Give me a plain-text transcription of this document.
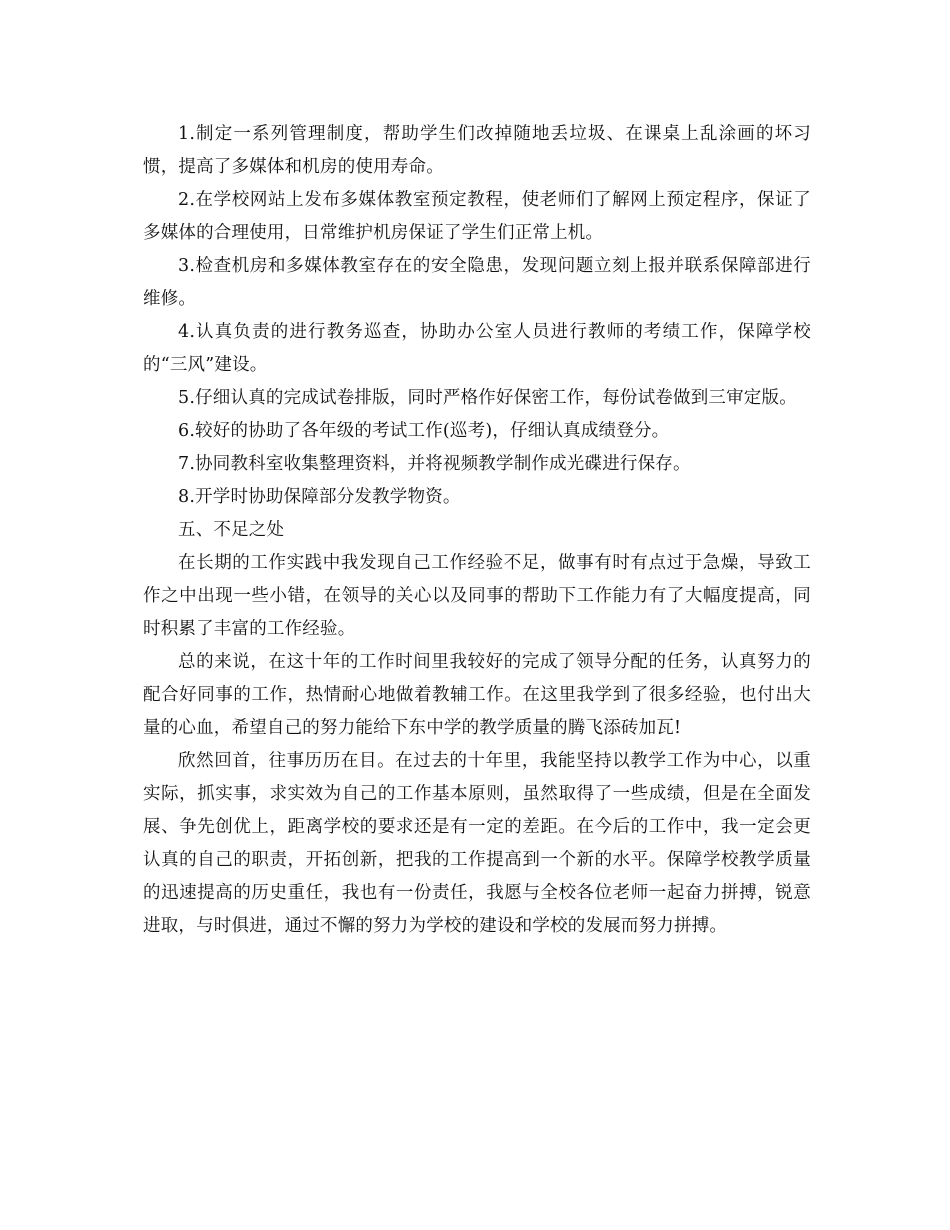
1.制定一系列管理制度，帮助学生们改掉随地丢垃圾、在课桌上乱涂画的坏习惯，提高了多媒体和机房的使用寿命。

2.在学校网站上发布多媒体教室预定教程，使老师们了解网上预定程序，保证了多媒体的合理使用，日常维护机房保证了学生们正常上机。

3.检查机房和多媒体教室存在的安全隐患，发现问题立刻上报并联系保障部进行维修。

4.认真负责的进行教务巡查，协助办公室人员进行教师的考绩工作，保障学校的“三风”建设。

5.仔细认真的完成试卷排版，同时严格作好保密工作，每份试卷做到三审定版。

6.较好的协助了各年级的考试工作(巡考)，仔细认真成绩登分。

7.协同教科室收集整理资料，并将视频教学制作成光碟进行保存。

8.开学时协助保障部分发教学物资。

五、不足之处

在长期的工作实践中我发现自己工作经验不足，做事有时有点过于急燥，导致工作之中出现一些小错，在领导的关心以及同事的帮助下工作能力有了大幅度提高，同时积累了丰富的工作经验。

总的来说，在这十年的工作时间里我较好的完成了领导分配的任务，认真努力的配合好同事的工作，热情耐心地做着教辅工作。在这里我学到了很多经验，也付出大量的心血，希望自己的努力能给下东中学的教学质量的腾飞添砖加瓦!

欣然回首，往事历历在目。在过去的十年里，我能坚持以教学工作为中心，以重实际，抓实事，求实效为自己的工作基本原则，虽然取得了一些成绩，但是在全面发展、争先创优上，距离学校的要求还是有一定的差距。在今后的工作中，我一定会更认真的自己的职责，开拓创新，把我的工作提高到一个新的水平。保障学校教学质量的迅速提高的历史重任，我也有一份责任，我愿与全校各位老师一起奋力拼搏，锐意进取，与时俱进，通过不懈的努力为学校的建设和学校的发展而努力拼搏。
